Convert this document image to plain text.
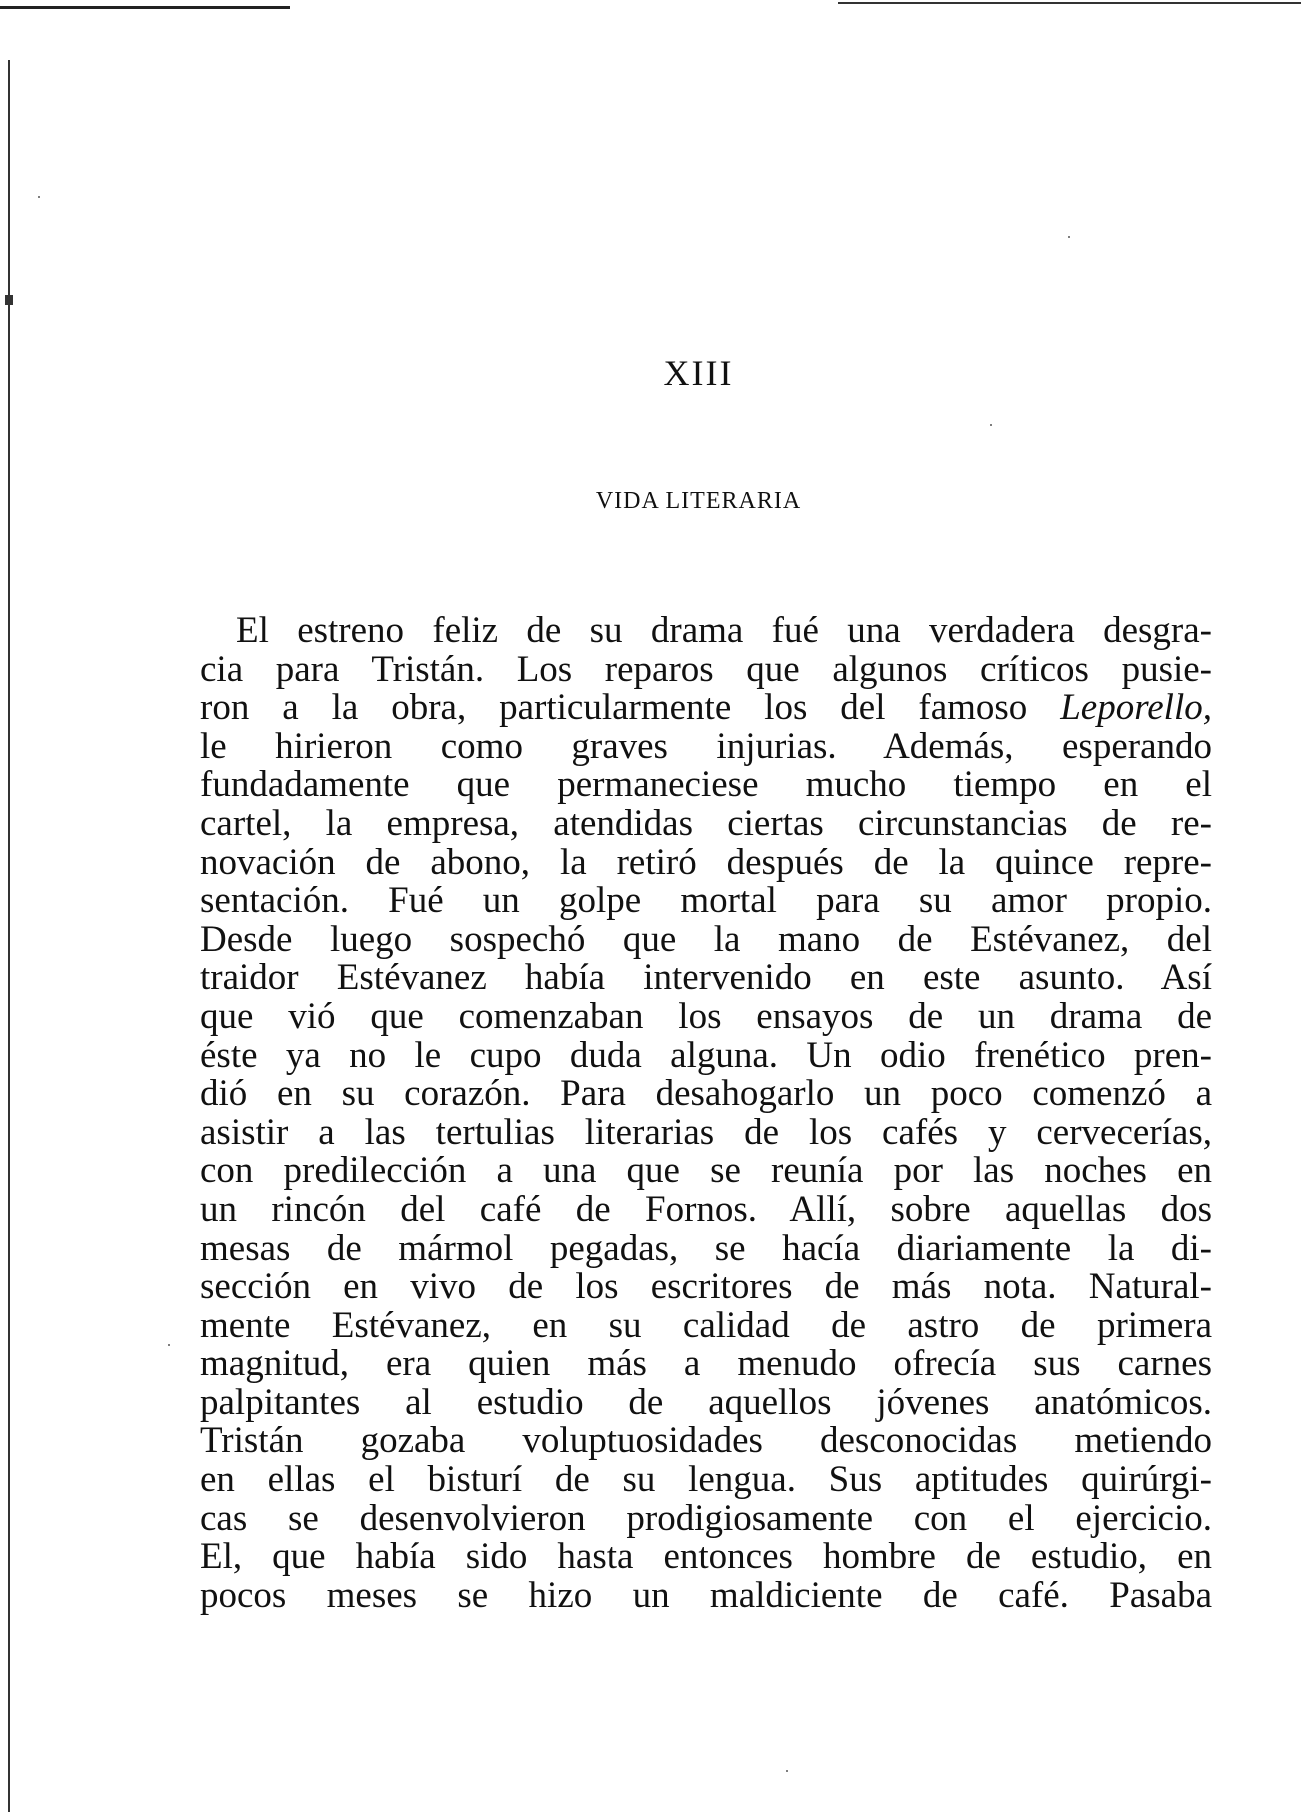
XIII
VIDA LITERARIA
El estreno feliz de su drama fué una verdadera desgra-
cia para Tristán. Los reparos que algunos críticos pusie-
ron a la obra, particularmente los del famoso Leporello,
le hirieron como graves injurias. Además, esperando
fundadamente que permaneciese mucho tiempo en el
cartel, la empresa, atendidas ciertas circunstancias de re-
novación de abono, la retiró después de la quince repre-
sentación. Fué un golpe mortal para su amor propio.
Desde luego sospechó que la mano de Estévanez, del
traidor Estévanez había intervenido en este asunto. Así
que vió que comenzaban los ensayos de un drama de
éste ya no le cupo duda alguna. Un odio frenético pren-
dió en su corazón. Para desahogarlo un poco comenzó a
asistir a las tertulias literarias de los cafés y cervecerías,
con predilección a una que se reunía por las noches en
un rincón del café de Fornos. Allí, sobre aquellas dos
mesas de mármol pegadas, se hacía diariamente la di-
sección en vivo de los escritores de más nota. Natural-
mente Estévanez, en su calidad de astro de primera
magnitud, era quien más a menudo ofrecía sus carnes
palpitantes al estudio de aquellos jóvenes anatómicos.
Tristán gozaba voluptuosidades desconocidas metiendo
en ellas el bisturí de su lengua. Sus aptitudes quirúrgi-
cas se desenvolvieron prodigiosamente con el ejercicio.
El, que había sido hasta entonces hombre de estudio, en
pocos meses se hizo un maldiciente de café. Pasaba
